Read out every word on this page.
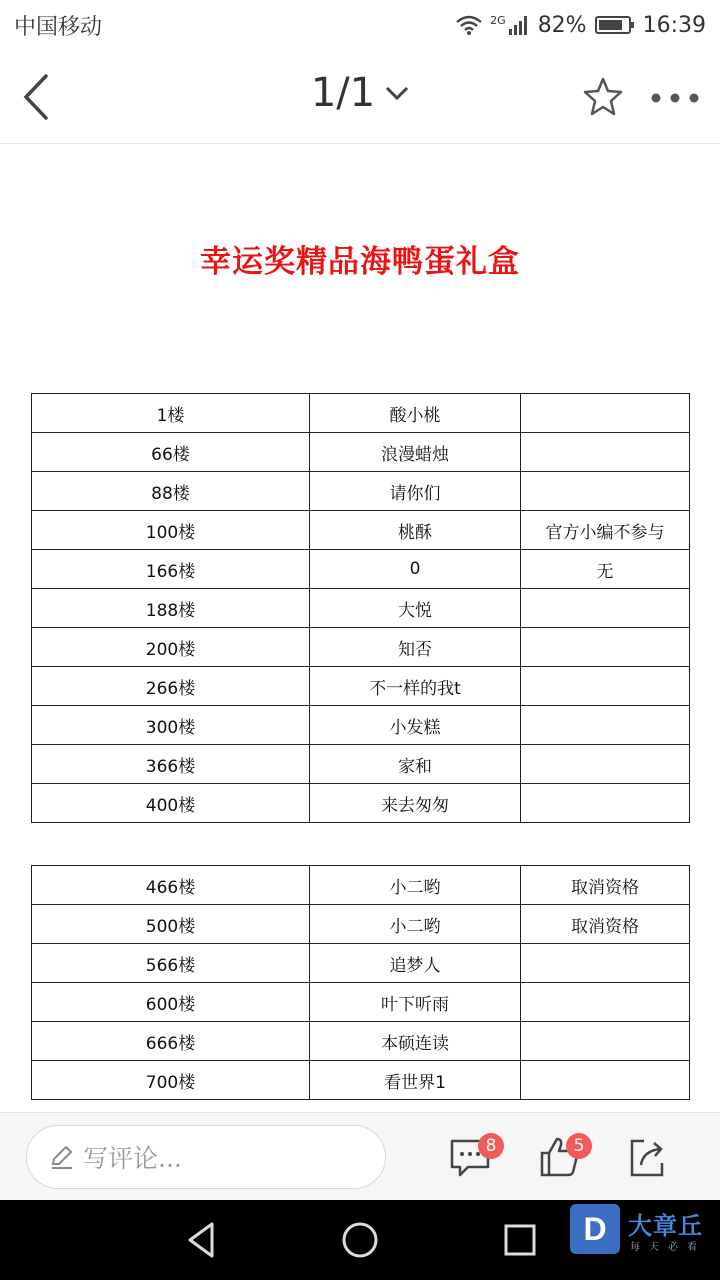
中国移动	2G 82%	16:39
1/1
幸运奖精品海鸭蛋礼盒
1楼	酸小桃	
66楼	浪漫蜡烛	
88楼	请你们	
100楼	桃酥	官方小编不参与
166楼	0	无
188楼	大悦	
200楼	知否	
266楼	不一样的我t	
300楼	小发糕	
366楼	家和	
400楼	来去匆匆	
466楼	小二哟	取消资格
500楼	小二哟	取消资格
566楼	追梦人	
600楼	叶下听雨	
666楼	本硕连读	
700楼	看世界1	
写评论...	8	5
D 大章丘
每天必看
